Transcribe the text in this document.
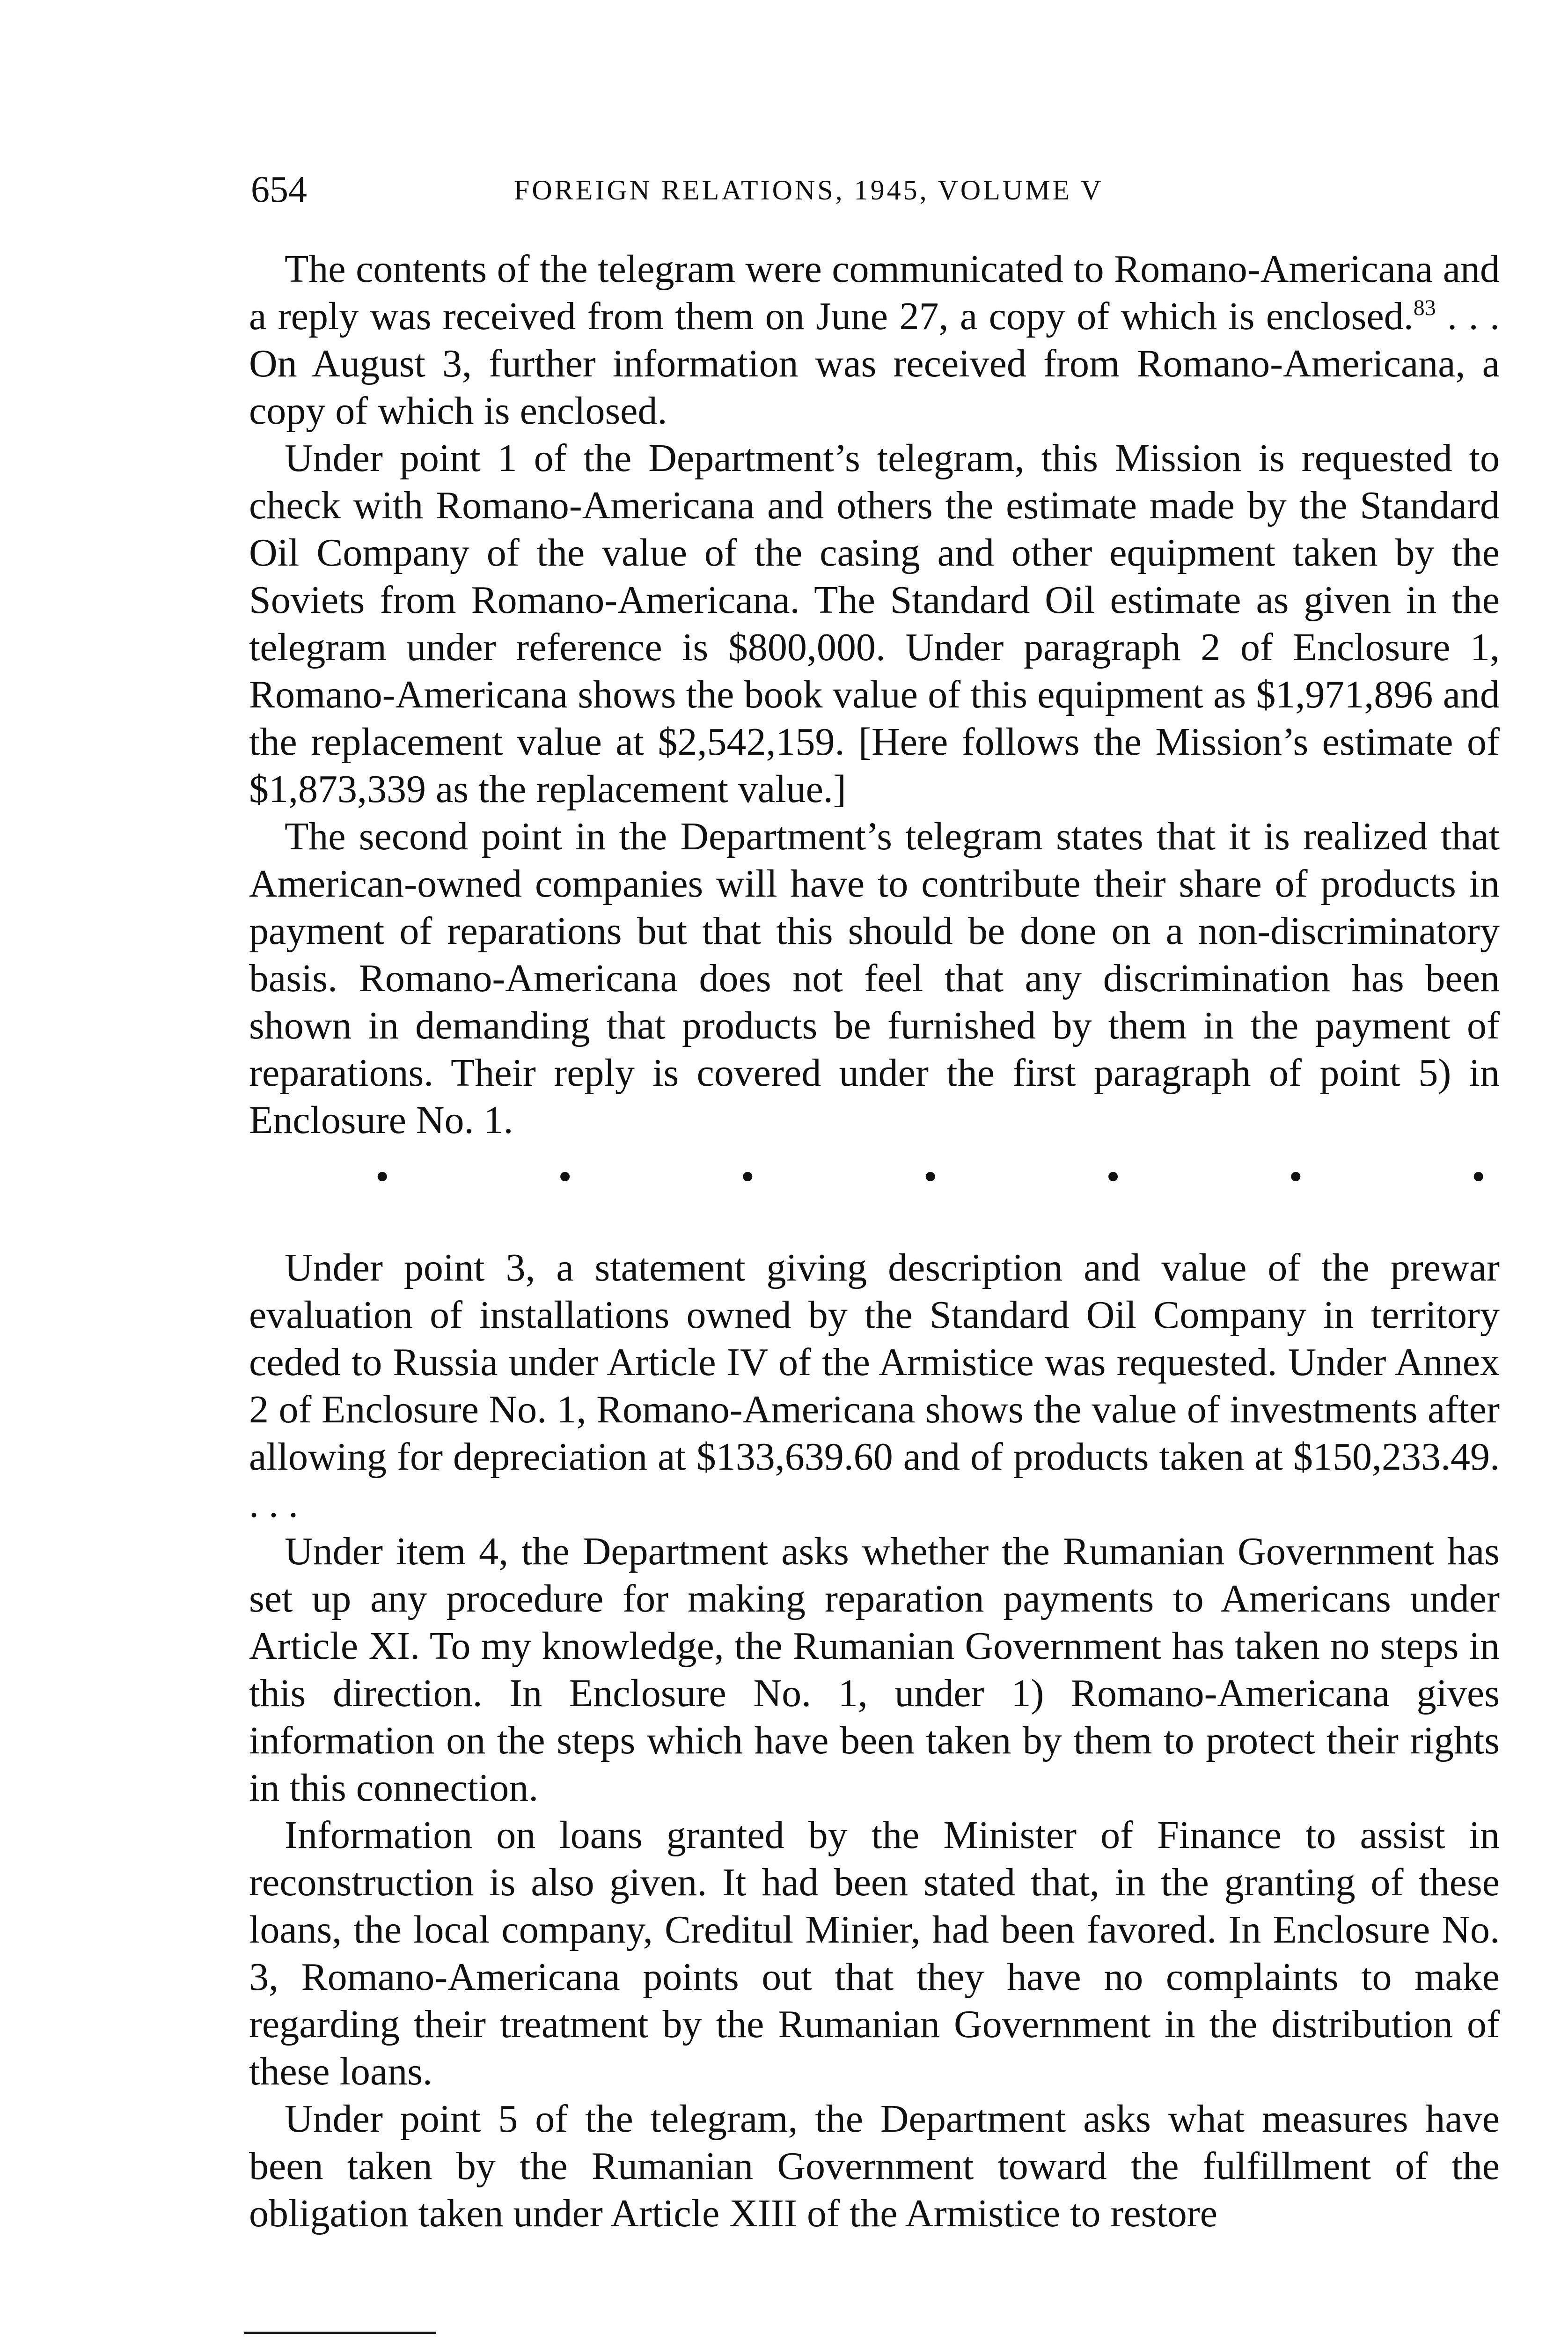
654	FOREIGN RELATIONS, 1945, VOLUME V

The contents of the telegram were communicated to Romano-Americana and a reply was received from them on June 27, a copy of which is enclosed.$^{83}$ . . . On August 3, further information was received from Romano-Americana, a copy of which is enclosed.

Under point 1 of the Department’s telegram, this Mission is requested to check with Romano-Americana and others the estimate made by the Standard Oil Company of the value of the casing and other equipment taken by the Soviets from Romano-Americana. The Standard Oil estimate as given in the telegram under reference is $800,000. Under paragraph 2 of Enclosure 1, Romano-Americana shows the book value of this equipment as $1,971,896 and the replacement value at $2,542,159. [Here follows the Mission’s estimate of $1,873,339 as the replacement value.]

The second point in the Department’s telegram states that it is realized that American-owned companies will have to contribute their share of products in payment of reparations but that this should be done on a non-discriminatory basis. Romano-Americana does not feel that any discrimination has been shown in demanding that products be furnished by them in the payment of reparations. Their reply is covered under the first paragraph of point 5) in Enclosure No. 1.

•	•	•	•	•	•	•

Under point 3, a statement giving description and value of the prewar evaluation of installations owned by the Standard Oil Company in territory ceded to Russia under Article IV of the Armistice was requested. Under Annex 2 of Enclosure No. 1, Romano-Americana shows the value of investments after allowing for depreciation at $133,639.60 and of products taken at $150,233.49. . . .

Under item 4, the Department asks whether the Rumanian Government has set up any procedure for making reparation payments to Americans under Article XI. To my knowledge, the Rumanian Government has taken no steps in this direction. In Enclosure No. 1, under 1) Romano-Americana gives information on the steps which have been taken by them to protect their rights in this connection.

Information on loans granted by the Minister of Finance to assist in reconstruction is also given. It had been stated that, in the granting of these loans, the local company, Creditul Minier, had been favored. In Enclosure No. 3, Romano-Americana points out that they have no complaints to make regarding their treatment by the Rumanian Government in the distribution of these loans.

Under point 5 of the telegram, the Department asks what measures have been taken by the Rumanian Government toward the fulfillment of the obligation taken under Article XIII of the Armistice to restore
